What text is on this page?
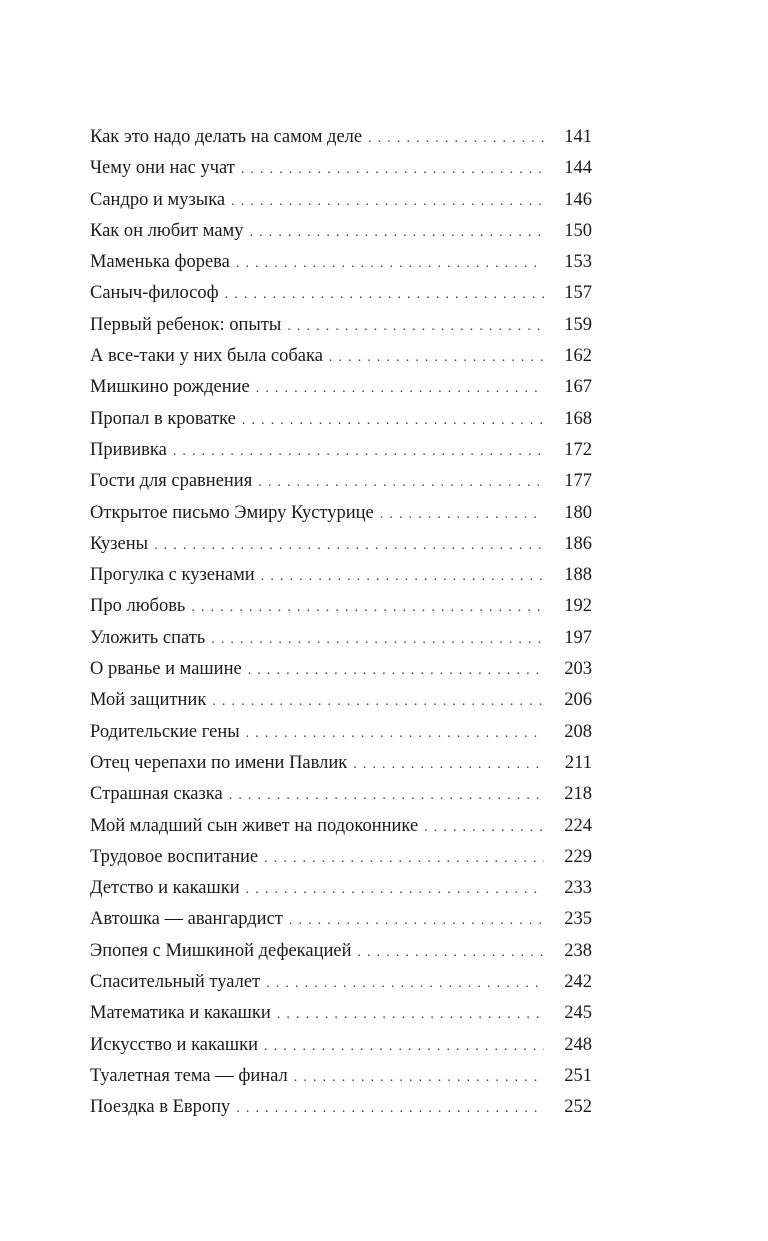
Как это надо делать на самом деле . . .	141
Чему они нас учат . . .	144
Сандро и музыка . . .	146
Как он любит маму . . .	150
Маменька форева . . .	153
Саныч-философ . . .	157
Первый ребенок: опыты . . .	159
А все-таки у них была собака . . .	162
Мишкино рождение . . .	167
Пропал в кроватке . . .	168
Прививка . . .	172
Гости для сравнения . . .	177
Открытое письмо Эмиру Кустурице . . .	180
Кузены . . .	186
Прогулка с кузенами . . .	188
Про любовь . . .	192
Уложить спать . . .	197
О рванье и машине . . .	203
Мой защитник . . .	206
Родительские гены . . .	208
Отец черепахи по имени Павлик . . .	211
Страшная сказка . . .	218
Мой младший сын живет на подоконнике . . .	224
Трудовое воспитание . . .	229
Детство и какашки . . .	233
Автошка — авангардист . . .	235
Эпопея с Мишкиной дефекацией . . .	238
Спасительный туалет . . .	242
Математика и какашки . . .	245
Искусство и какашки . . .	248
Туалетная тема — финал . . .	251
Поездка в Европу . . .	252
